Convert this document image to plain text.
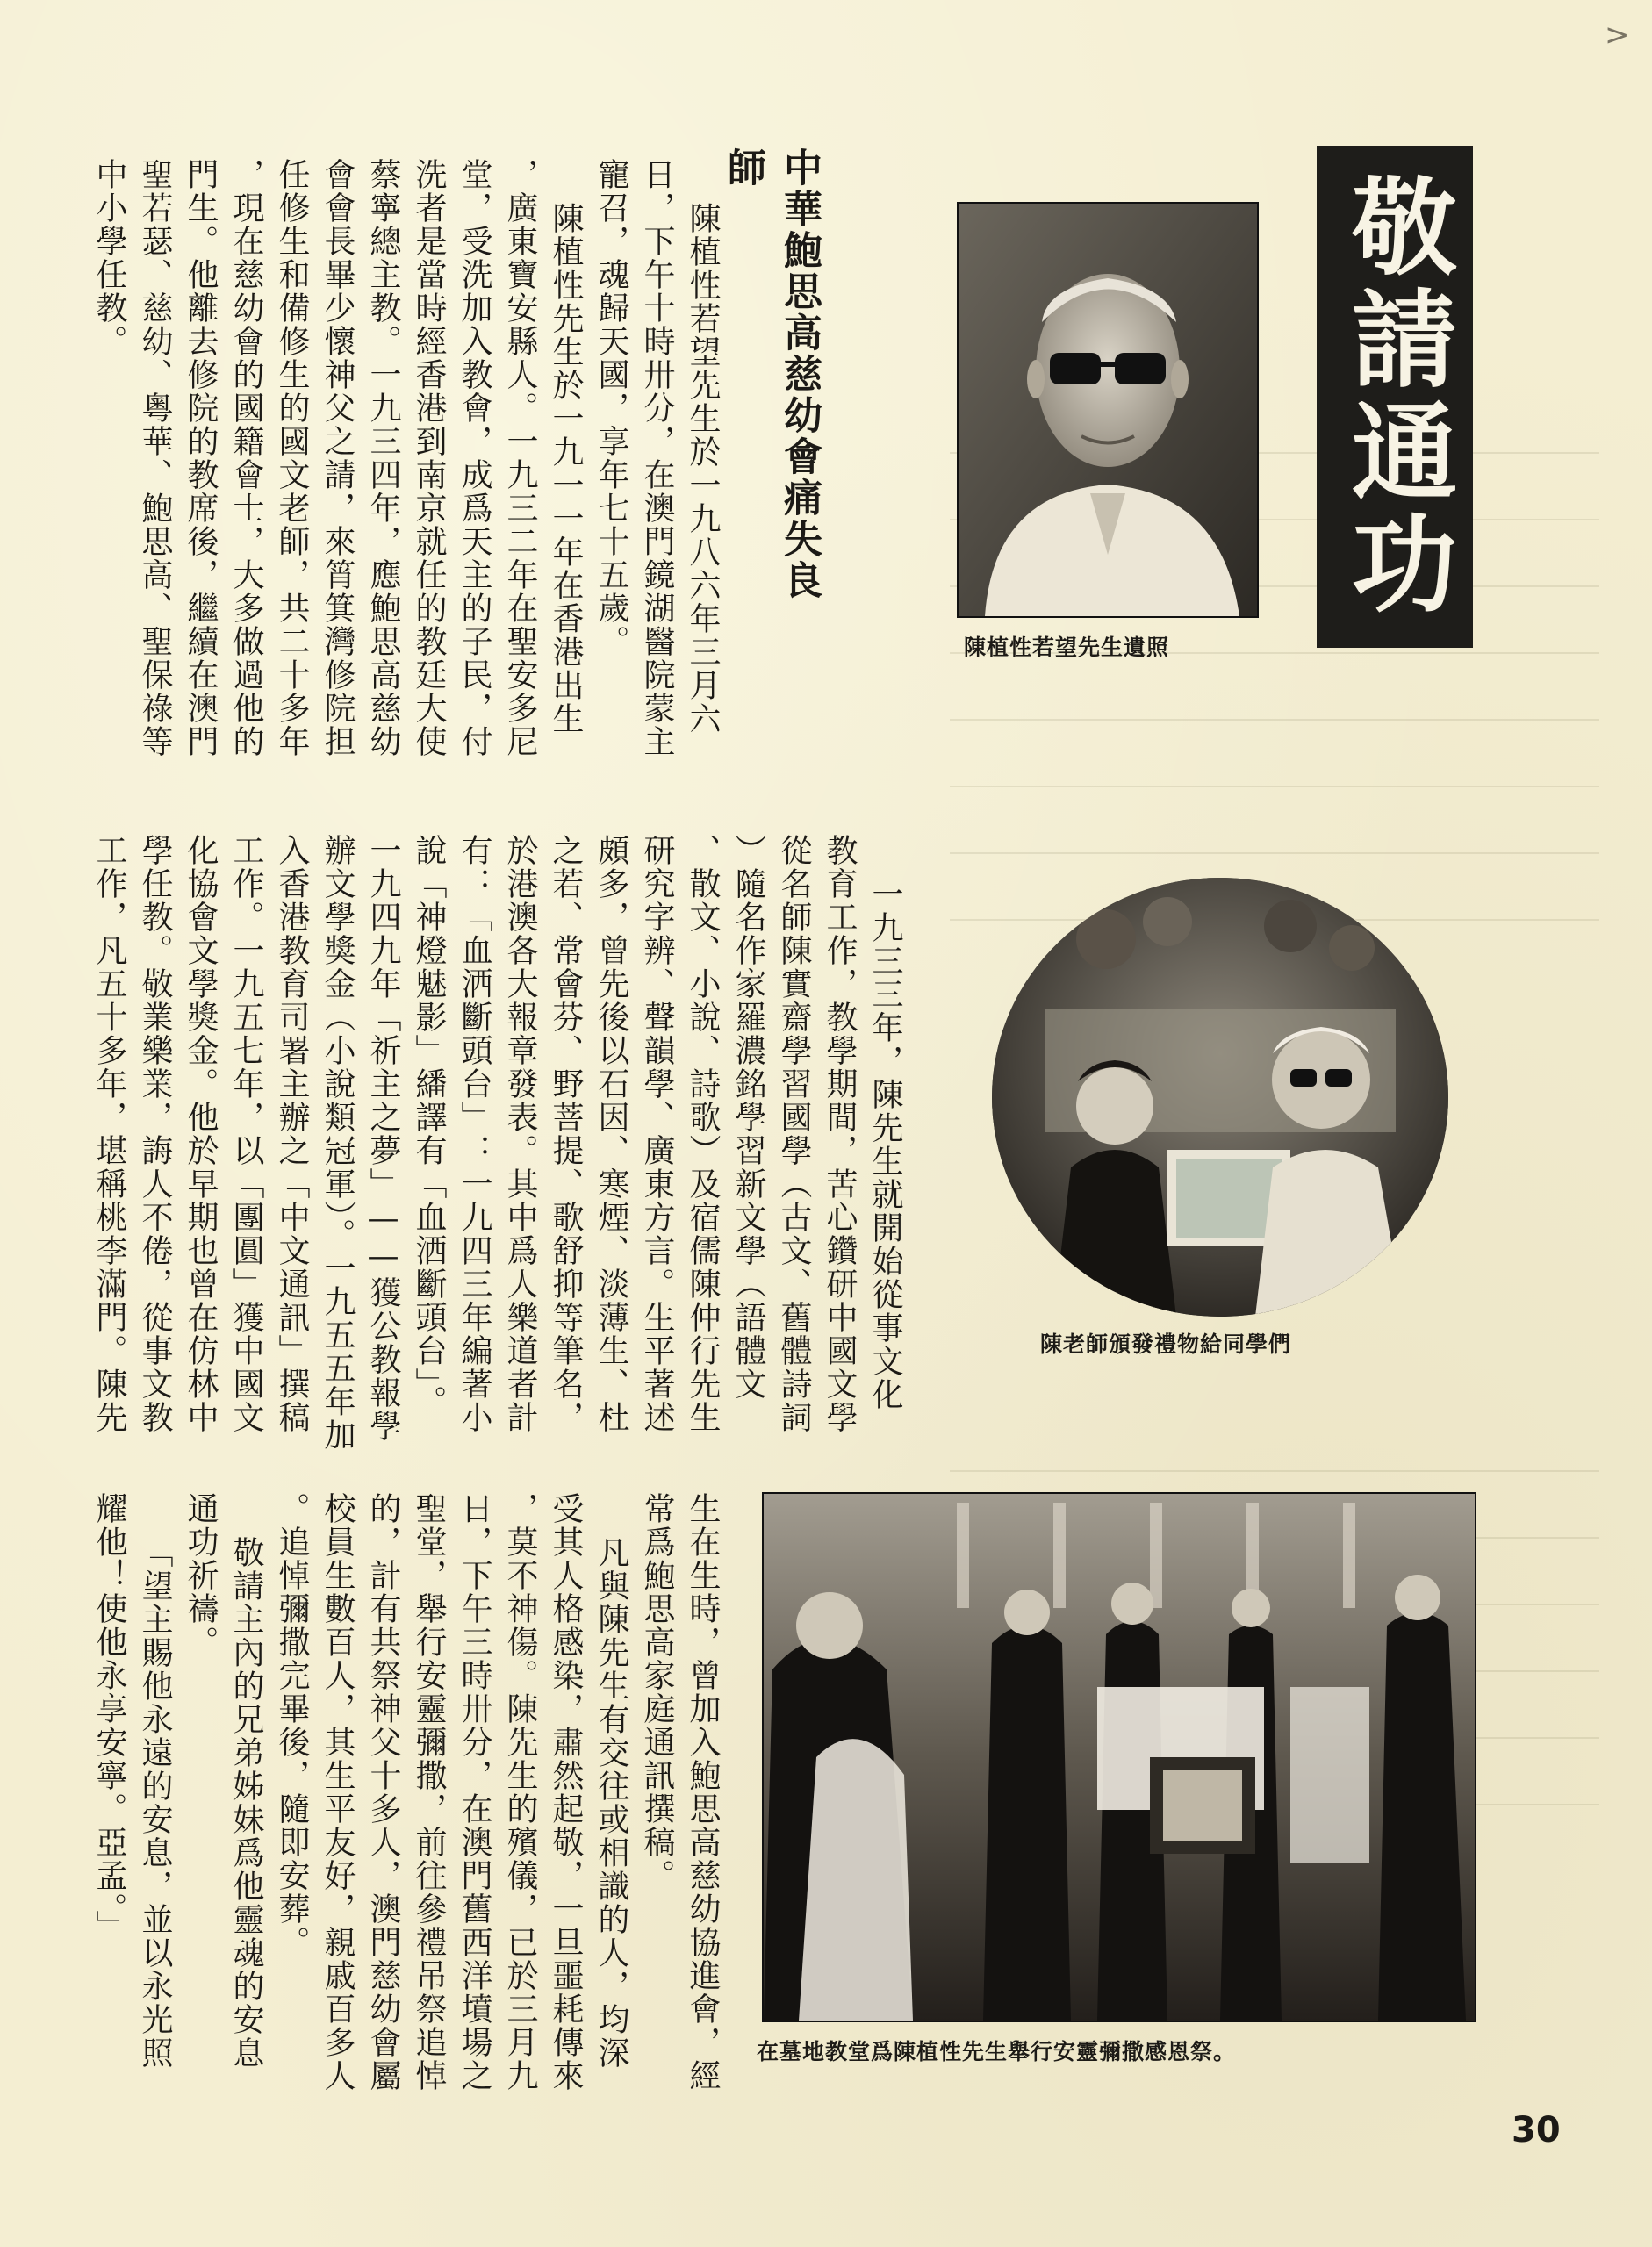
>
敬請通功
中華鮑思高慈幼會痛失良師
陳植性若望先生遺照
陳老師頒發禮物給同學們
在墓地教堂爲陳植性先生舉行安靈彌撒感恩祭。
陳植性若望先生於一九八六年三月六
日，下午十時卅分，在澳門鏡湖醫院蒙主
寵召，魂歸天國，享年七十五歲。
陳植性先生於一九一一年在香港出生
，廣東寶安縣人。一九三二年在聖安多尼
堂，受洗加入教會，成爲天主的子民，付
洗者是當時經香港到南京就任的教廷大使
蔡寧總主教。一九三四年，應鮑思高慈幼
會會長畢少懷神父之請，來筲箕灣修院担
任修生和備修生的國文老師，共二十多年
，現在慈幼會的國籍會士，大多做過他的
門生。他離去修院的教席後，繼續在澳門
聖若瑟、慈幼、粵華、鮑思高、聖保祿等
中小學任教。
一九三三年，陳先生就開始從事文化
教育工作，教學期間，苦心鑽研中國文學
從名師陳實齋學習國學（古文、舊體詩詞
）隨名作家羅濃銘學習新文學（語體文
、散文、小說、詩歌）及宿儒陳仲行先生
研究字辨、聲韻學、廣東方言。生平著述
頗多，曾先後以石因、寒煙、淡薄生、杜
之若、常會芬、野菩提、歌舒抑等筆名，
於港澳各大報章發表。其中爲人樂道者計
有：「血洒斷頭台」：一九四三年編著小
說「神燈魅影」繙譯有「血洒斷頭台」。
一九四九年「祈主之夢」——獲公教報學
辦文學獎金（小說類冠軍）。一九五五年加
入香港教育司署主辦之「中文通訊」撰稿
工作。一九五七年，以「團圓」獲中國文
化協會文學獎金。他於早期也曾在仿林中
學任教。敬業樂業，誨人不倦，從事文教
工作，凡五十多年，堪稱桃李滿門。陳先
生在生時，曾加入鮑思高慈幼協進會，經
常爲鮑思高家庭通訊撰稿。
凡與陳先生有交往或相識的人，均深
受其人格感染，肅然起敬，一旦噩耗傳來
，莫不神傷。陳先生的殯儀，已於三月九
日，下午三時卅分，在澳門舊西洋墳場之
聖堂，舉行安靈彌撒，前往參禮吊祭追悼
的，計有共祭神父十多人，澳門慈幼會屬
校員生數百人，其生平友好，親戚百多人
。追悼彌撒完畢後，隨即安葬。
敬請主內的兄弟姊妹爲他靈魂的安息
通功祈禱。
「望主賜他永遠的安息，並以永光照
耀他！使他永享安寧。亞孟。」
30
